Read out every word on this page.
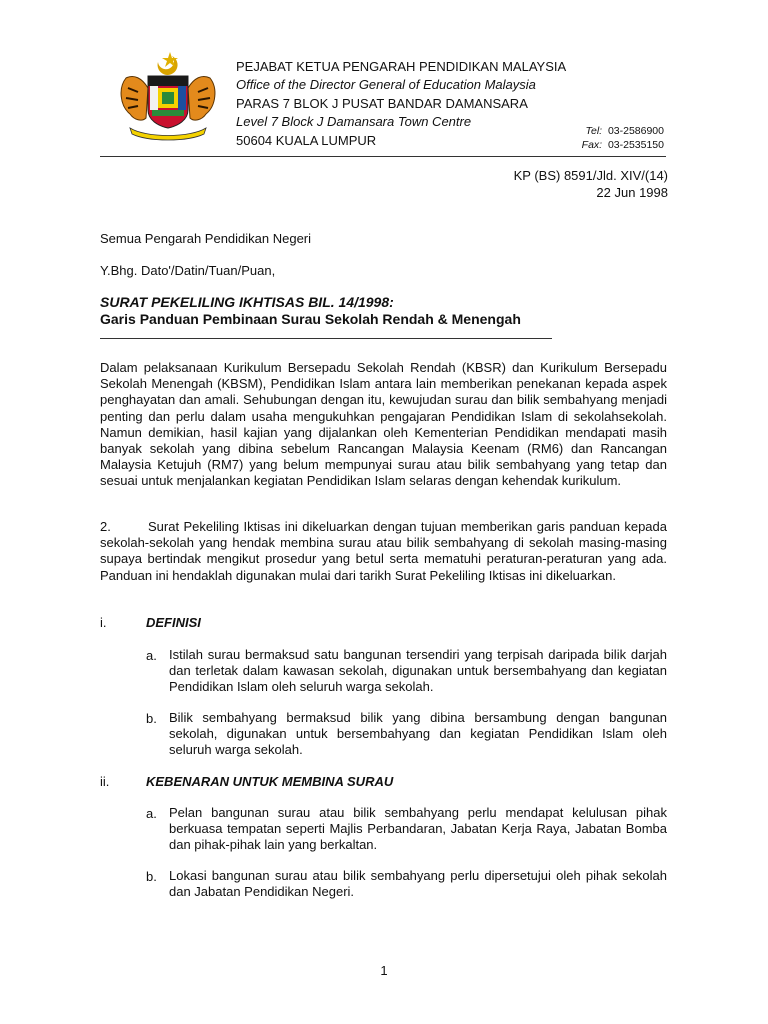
PEJABAT KETUA PENGARAH PENDIDIKAN MALAYSIA
Office of the Director General of Education Malaysia
PARAS 7 BLOK J PUSAT BANDAR DAMANSARA
Level 7 Block J Damansara Town Centre
50604 KUALA LUMPUR
Tel: 03-2586900
Fax: 03-2535150
KP (BS) 8591/Jld. XIV/(14)
22 Jun 1998
Semua Pengarah Pendidikan Negeri
Y.Bhg. Dato'/Datin/Tuan/Puan,
SURAT PEKELILING IKHTISAS BIL. 14/1998:
Garis Panduan Pembinaan Surau Sekolah Rendah & Menengah
Dalam pelaksanaan Kurikulum Bersepadu Sekolah Rendah (KBSR) dan Kurikulum Bersepadu Sekolah Menengah (KBSM), Pendidikan Islam antara lain memberikan penekanan kepada aspek penghayatan dan amali. Sehubungan dengan itu, kewujudan surau dan bilik sembahyang menjadi penting dan perlu dalam usaha mengukuhkan pengajaran Pendidikan Islam di sekolahsekolah. Namun demikian, hasil kajian yang dijalankan oleh Kementerian Pendidikan mendapati masih banyak sekolah yang dibina sebelum Rancangan Malaysia Keenam (RM6) dan Rancangan Malaysia Ketujuh (RM7) yang belum mempunyai surau atau bilik sembahyang yang tetap dan sesuai untuk menjalankan kegiatan Pendidikan Islam selaras dengan kehendak kurikulum.
2.	Surat Pekeliling Iktisas ini dikeluarkan dengan tujuan memberikan garis panduan kepada sekolah-sekolah yang hendak membina surau atau bilik sembahyang di sekolah masing-masing supaya bertindak mengikut prosedur yang betul serta mematuhi peraturan-peraturan yang ada. Panduan ini hendaklah digunakan mulai dari tarikh Surat Pekeliling Iktisas ini dikeluarkan.
i.	DEFINISI
a. Istilah surau bermaksud satu bangunan tersendiri yang terpisah daripada bilik darjah dan terletak dalam kawasan sekolah, digunakan untuk bersembahyang dan kegiatan Pendidikan Islam oleh seluruh warga sekolah.
b. Bilik sembahyang bermaksud bilik yang dibina bersambung dengan bangunan sekolah, digunakan untuk bersembahyang dan kegiatan Pendidikan Islam oleh seluruh warga sekolah.
ii.	KEBENARAN UNTUK MEMBINA SURAU
a. Pelan bangunan surau atau bilik sembahyang perlu mendapat kelulusan pihak berkuasa tempatan seperti Majlis Perbandaran, Jabatan Kerja Raya, Jabatan Bomba dan pihak-pihak lain yang berkaltan.
b. Lokasi bangunan surau atau bilik sembahyang perlu dipersetujui oleh pihak sekolah dan Jabatan Pendidikan Negeri.
1
